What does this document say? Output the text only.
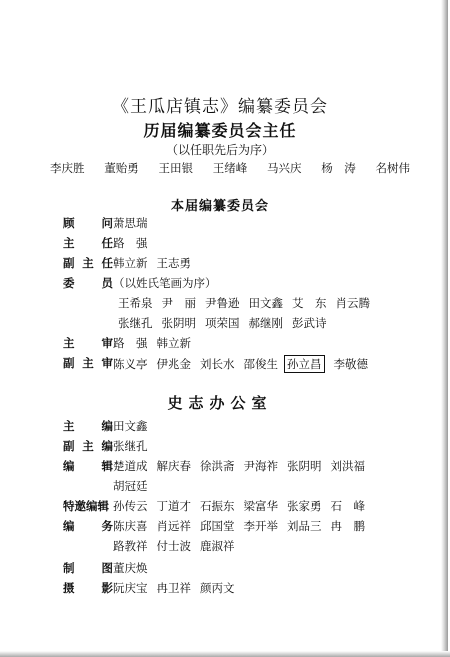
《王瓜店镇志》编纂委员会
历届编纂委员会主任
（以任职先后为序）
李庆胜 董贻勇 王田银 王绪峰 马兴庆 杨　涛 名树伟
本届编纂委员会
顾 问 萧思瑞
主 任 路　强
副 主 任 韩立新 王志勇
委 员 （以姓氏笔画为序）
王希泉 尹　丽 尹鲁逊 田文鑫 艾　东 肖云腾
张继孔 张阴明 项荣国 郝继刚 彭武诗
主 审 路　强 韩立新
副 主 审 陈义亭 伊兆金 刘长水 邵俊生 孙立昌 李敬德
史志办公室
主 编 田文鑫
副 主 编 张继孔
编 辑 楚道成 解庆春 徐洪斋 尹海祚 张阴明 刘洪福
胡冠廷
特邀编辑 孙传云 丁道才 石振东 梁富华 张家勇 石　峰
编 务 陈庆喜 肖远祥 邱国堂 李开举 刘品三 冉　鹏
路教祥 付士波 鹿淑祥
制 图 董庆焕
摄 影 阮庆宝 冉卫祥 颜丙文
